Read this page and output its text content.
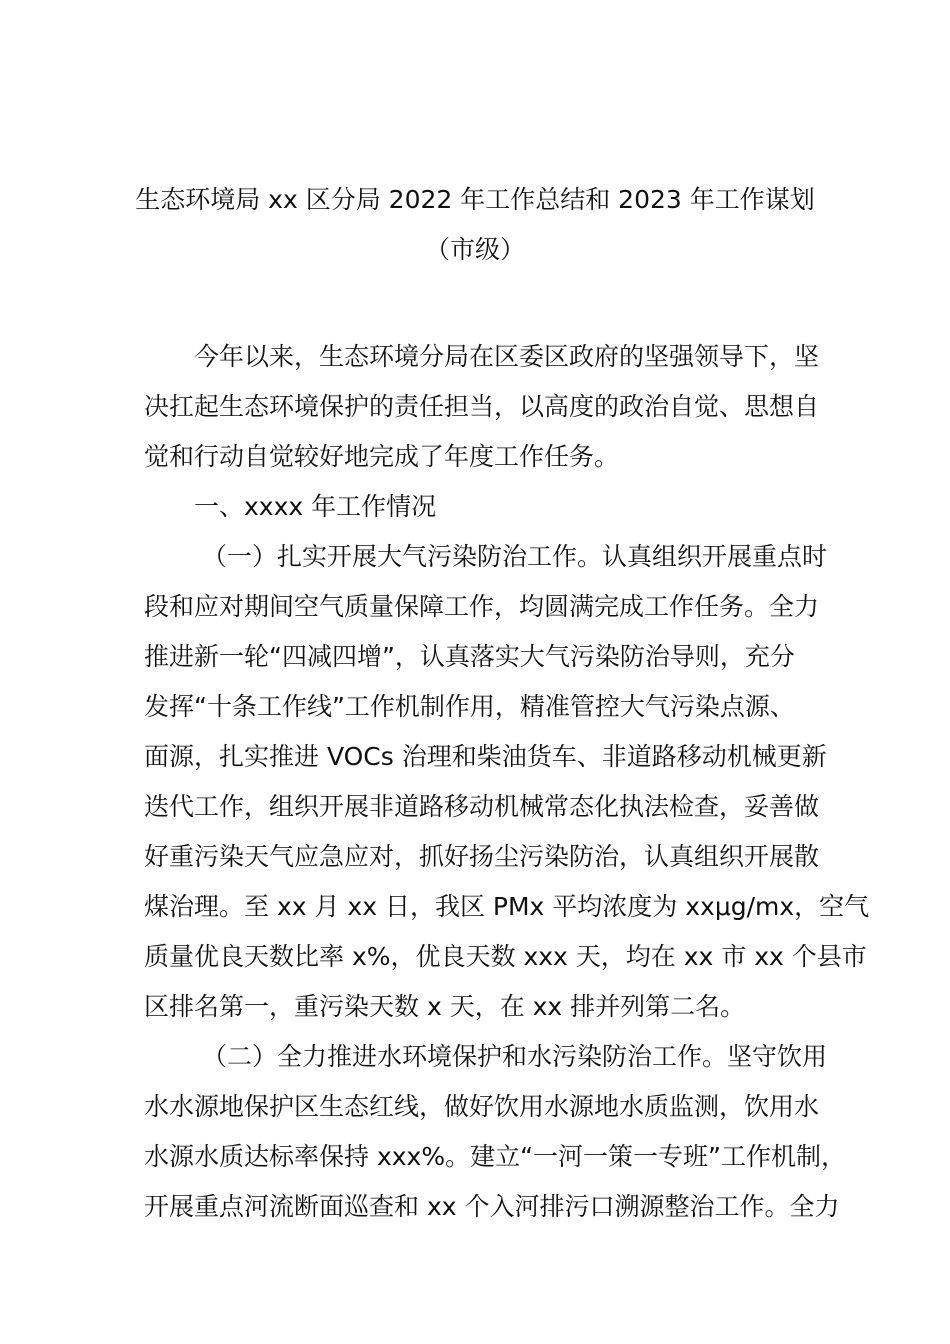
生态环境局 xx 区分局 2022 年工作总结和 2023 年工作谋划
（市级）
今年以来，生态环境分局在区委区政府的坚强领导下，坚
决扛起生态环境保护的责任担当，以高度的政治自觉、思想自
觉和行动自觉较好地完成了年度工作任务。
一、xxxx 年工作情况
（一）扎实开展大气污染防治工作。认真组织开展重点时
段和应对期间空气质量保障工作，均圆满完成工作任务。全力
推进新一轮“四减四增”，认真落实大气污染防治导则，充分
发挥“十条工作线”工作机制作用，精准管控大气污染点源、
面源，扎实推进 VOCs 治理和柴油货车、非道路移动机械更新
迭代工作，组织开展非道路移动机械常态化执法检查，妥善做
好重污染天气应急应对，抓好扬尘污染防治，认真组织开展散
煤治理。至 xx 月 xx 日，我区 PMx 平均浓度为 xxμg/mx，空气
质量优良天数比率 x%，优良天数 xxx 天，均在 xx 市 xx 个县市
区排名第一，重污染天数 x 天，在 xx 排并列第二名。
（二）全力推进水环境保护和水污染防治工作。坚守饮用
水水源地保护区生态红线，做好饮用水源地水质监测，饮用水
水源水质达标率保持 xxx%。建立“一河一策一专班”工作机制，
开展重点河流断面巡查和 xx 个入河排污口溯源整治工作。全力
